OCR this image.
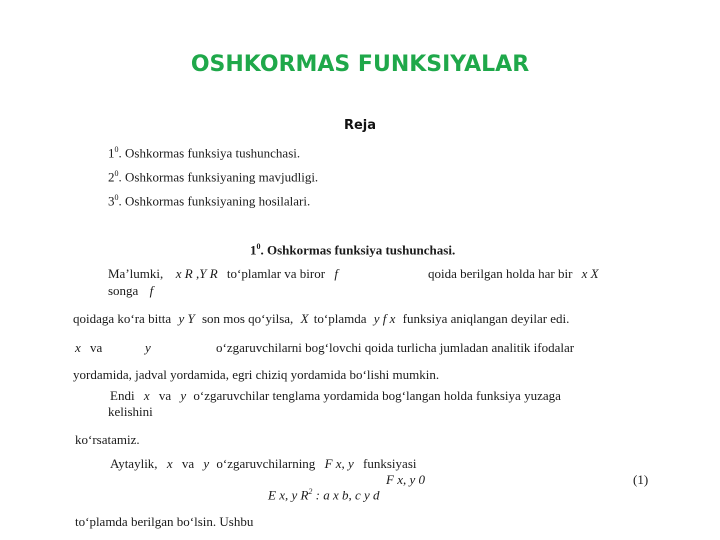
OSHKORMAS FUNKSIYALAR
Reja
$1^0$. Oshkormas funksiya tushunchasi.
$2^0$. Oshkormas funksiyaning mavjudligi.
$3^0$. Oshkormas funksiyaning hosilalari.
$1^0$. Oshkormas funksiya tushunchasi.
Ma’lumki, x R ,Y R to‘plamlar va biror f	qoida berilgan holda har bir x X
songa f
qoidaga ko‘ra bitta y Y son mos qo‘yilsa, X to‘plamda y f x funksiya aniqlangan deyilar edi.
x va	y	o‘zgaruvchilarni bog‘lovchi qoida turlicha jumladan analitik ifodalar
yordamida, jadval yordamida, egri chiziq yordamida bo‘lishi mumkin.
Endi x va y o‘zgaruvchilar tenglama yordamida bog‘langan holda funksiya yuzaga
kelishini
ko‘rsatamiz.
Aytaylik, x va y o‘zgaruvchilarning F x, y funksiyasi
F x, y 0	(1)
E x, y $R^2$ : a x b, c y d
to‘plamda berilgan bo‘lsin. Ushbu
